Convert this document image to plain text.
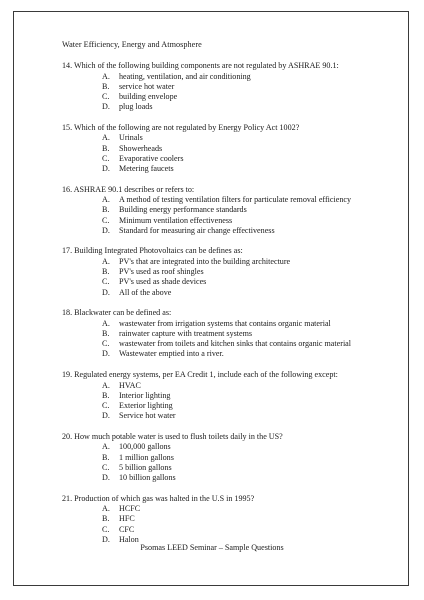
Water Efficiency, Energy and Atmosphere
14. Which of the following building components are not regulated by ASHRAE 90.1:
A.	heating, ventilation, and air conditioning
B.	service hot water
C.	building envelope
D.	plug loads
15. Which of the following are not regulated by Energy Policy Act 1002?
A.	Urinals
B.	Showerheads
C.	Evaporative coolers
D.	Metering faucets
16. ASHRAE 90.1 describes or refers to:
A.	A method of testing ventilation filters for particulate removal efficiency
B.	Building energy performance standards
C.	Minimum ventilation effectiveness
D.	Standard for measuring air change effectiveness
17. Building Integrated Photovoltaics can be defines as:
A.	PV's that are integrated into the building architecture
B.	PV's used as roof shingles
C.	PV's used as shade devices
D.	All of the above
18. Blackwater can be defined as:
A.	wastewater from irrigation systems that contains organic material
B.	rainwater capture with treatment systems
C.	wastewater from toilets and kitchen sinks that contains organic material
D.	Wastewater emptied into a river.
19. Regulated energy systems, per EA Credit 1, include each of the following except:
A.	HVAC
B.	Interior lighting
C.	Exterior lighting
D.	Service hot water
20. How much potable water is used to flush toilets daily in the US?
A.	100,000 gallons
B.	1 million gallons
C.	5 billion gallons
D.	10 billion gallons
21. Production of which gas was halted in the U.S in 1995?
A.	HCFC
B.	HFC
C.	CFC
D.	Halon
Psomas LEED Seminar – Sample Questions
